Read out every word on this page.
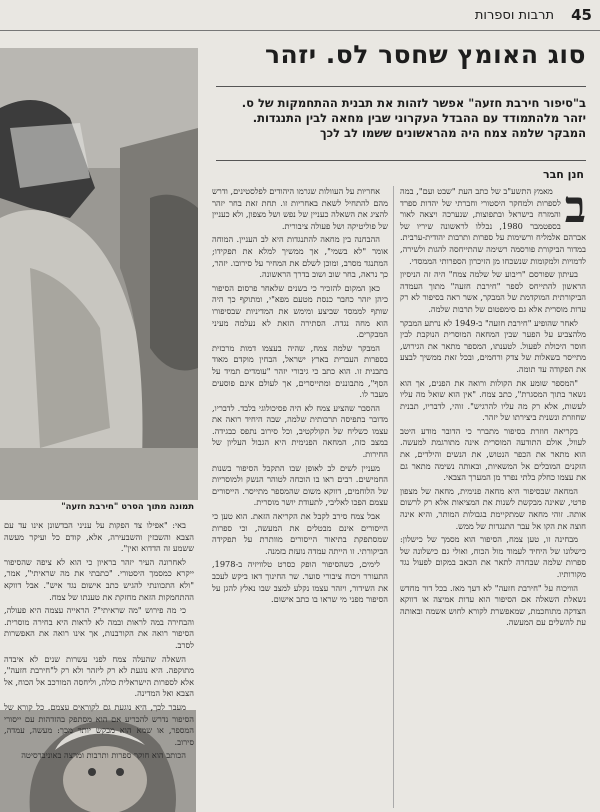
45
תרבות וספרות
תמונה מתוך הסרט "חירבת חזעה"
סוג האומץ שחסר לס. יזהר
ב"סיפור חירבת חזעה" אפשר לזהות את תבנית ההתחמקות של ס. יזהר מלהתמודד עם ההבדל העקרוני שבין מחאה לבין התנגדות. המבקר שלמה צמח היה מהראשונים ששמו לב לכך
חנן חבר
ב

מאמץ התשע"ב של כתב העת "שבט ועם", במה לספרות ולמחקר היסטורי וחברתי של יהדות ספרד והמזרח בישראל ובתפוצות, שנערכה ויצאה לאור בספטמבר 1980, נכללו לראשונה שיריו של אברהם אלמליח ורשימות על ספרות ותרבות יהודית-ערבית. במדור הביקורת פורסמה רשימה שהתייחסה להגות ולשירה, לדמויות ולמקומות שנשכחו מן הזיכרון הספרותי הממסדי.

בעיתון שפורסם "ריבוע של שלמה צמח" היה זה הניסיון הראשון להתייחס לספר "חירבת חזעה" מתוך העמדה הביקורתית המוקדמת של המבקר, אשר ראה בסיפור לא רק עדות מוסרית אלא גם סימפטום של תרבות שלמה.

לאחר שהופיע "חירבת חזעה" ב-1949 לא נרתע המבקר מלהצביע על הפער שבין המחאה המוסרית הנוקבת לבין חוסר היכולת לפעול. לטענתו, המספר מתאר את הגירוש, מתייסר בשאלות של צדק ורחמים, ובכל זאת ממשיך לבצע את הפקודה עד תומה.

"המספר שומע את הקולות ורואה את הפנים, אך הוא נשאר בתוך המסגרת", כתב צמח. "אין הוא שואל מה עליו לעשות, אלא רק מה עליו להרגיש". זוהי, לדבריו, תבנית שחוזרת ונשנית ביצירתו של יזהר.

בקריאה חוזרת בסיפור מתברר כי הדובר מודע היטב לעוול, אולם התודעה המוסרית אינה מתורגמת למעשה. הוא מתאר את הכפר הנטוש, את הנשים והילדים, את הזקנים המובלים אל המשאיות, ובאותה נשימה מתאר גם את עצמו כחלק בלתי נפרד מן המערך הצבאי.

המחאה שבסיפור היא מחאה פנימית, מחאה של מצפון פרטי, שאינה מבקשת לשנות את המציאות אלא רק לרשום אותה. זוהי מחאה שמתקיימת בגבולות המותר, והיא אינה חוצה את הקו אל עבר התנגדות של ממש.

מבחינה זו, טען צמח, הסיפור הוא מסמך של כישלון: כישלונו של היחיד לעמוד מול הכוח, ואולי גם כישלונה של ספרות שלמה שבחרה לתאר את הכאב במקום לפעול נגד מקורותיו.

הוויכוח על "חירבת חזעה" לא דעך מאז. בכל דור מחדש נשאלת השאלה אם הסיפור הוא עדות אמיצה או דווקא הצדקה מתוחכמת, שמאפשרת לקורא לחוש אשמה ובאותה עת להשלים עם המעשה.

אחריות על העוולות שגרמו היהודים לפלסטינים, ודרש מהם להתחיל לשאת באחריות זו. תחת זאת בחר יזהר להציג את השאלה כעניין של נפש ושל מצפון, ולא כעניין של פוליטיקה ושל פעולה ציבורית.

ההבחנה בין מחאה להתנגדות היא לב העניין. המוחה אומר "לא בשמי", אך ממשיך למלא את תפקידו; המתנגד מסרב, ומוכן לשלם את המחיר על סירובו. יזהר, כך נראה, בחר שוב ושוב בדרך הראשונה.

כאן המקום להזכיר כי בשנים שלאחר פרסום הסיפור כיהן יזהר כחבר כנסת מטעם מפא"י, ומתוקף כך היה שותף לממסד שביצע ומימש את המדיניות שבסיפורו הוא מחה נגדה. הסתירה הזאת לא נעלמה מעיני המבקרים.

המבקר שלמה צמח, שהיה בעצמו דמות מרכזית בספרות העברית בארץ ישראל, הבחין מוקדם מאוד בתבנית זו. הוא כתב כי גיבורי יזהר "עומדים תמיד על הסף", מתבוננים ומתייסרים, אך לעולם אינם פוסעים מעבר לו.

ההסבר שהציע צמח לא היה פסיכולוגי בלבד. לדבריו, מדובר בתפיסה תרבותית שלמה, שבה היחיד רואה את עצמו כשליח של הקולקטיב, וכל סירוב נתפס כבגידה. במצב כזה, המחאה הפנימית היא הגבול העליון של החירות.

מעניין לשים לב לאופן שבו התקבל הסיפור בשנות החמישים. רבים ראו בו הוכחה לטוהר הנשק ולמוסריות של הלוחמים, דווקא משום שהמספר מתייסר. הייסורים עצמם הפכו לאליבי, לתעודת יושר מוסרית.

אבל צמח סירב לקבל את הקריאה הזאת. הוא טען כי הייסורים אינם מבטלים את המעשה, וכי ספרות שמסתפקת בתיאור הייסורים מוותרת על תפקידה הביקורתי. זו הייתה עמדה נועזת בזמנה.

לימים, כשהסיפור הופק כסרט טלוויזיה ב-1978, התעורר ויכוח ציבורי סוער. שר החינוך דאז ביקש לעכב את השידור, ויזהר עצמו נקלע למצב שבו נאלץ להגן על הסיפור מפני מי שראו בו כתב אישום.

באי: "אפילו צד הפקות על עניני הבדשונן אינו עד עם הצבא והשבזין והשבעירה, אלא, קודם כל ועיקר מעשה ששמע זה הדדוא ואין".

לאחרונה העיר יזהר בראיון כי הוא לא ציפה שהסיפור ייקרא כמסמך היסטורי. "כתבתי את מה שראיתי", אמר, "ולא התכוונתי להגיש כתב אישום נגד איש". אבל דווקא ההתחמקות הזאת מחזקת את טענתו של צמח.

כי מה פירוש "מה שראיתי"? הראייה עצמה היא פעולה, והבחירה במה לראות ובמה לא לראות היא בחירה מוסרית. הסיפור רואה את הקורבנות, אך אינו רואה את האפשרות לסרב.

השאלה שהעלה צמח לפני עשרות שנים לא איבדה מתוקפה. היא נוגעת לא רק ליזהר ולא רק ל"חירבת חזעה", אלא לספרות הישראלית כולה, וליחסה המורכב אל הכוח, אל הצבא ואל המדינה.

מעבר לכך, היא נוגעת גם לקוראים עצמם. כל קורא של הסיפור נדרש להכריע אם הוא מסתפק בהזדהות עם ייסורי המספר, או שמא הוא מבקש יותר מכך: מעשה, עמדה, סירוב.

הכותב הוא חוקר ספרות ותרבות ומרצה באוניברסיטה
